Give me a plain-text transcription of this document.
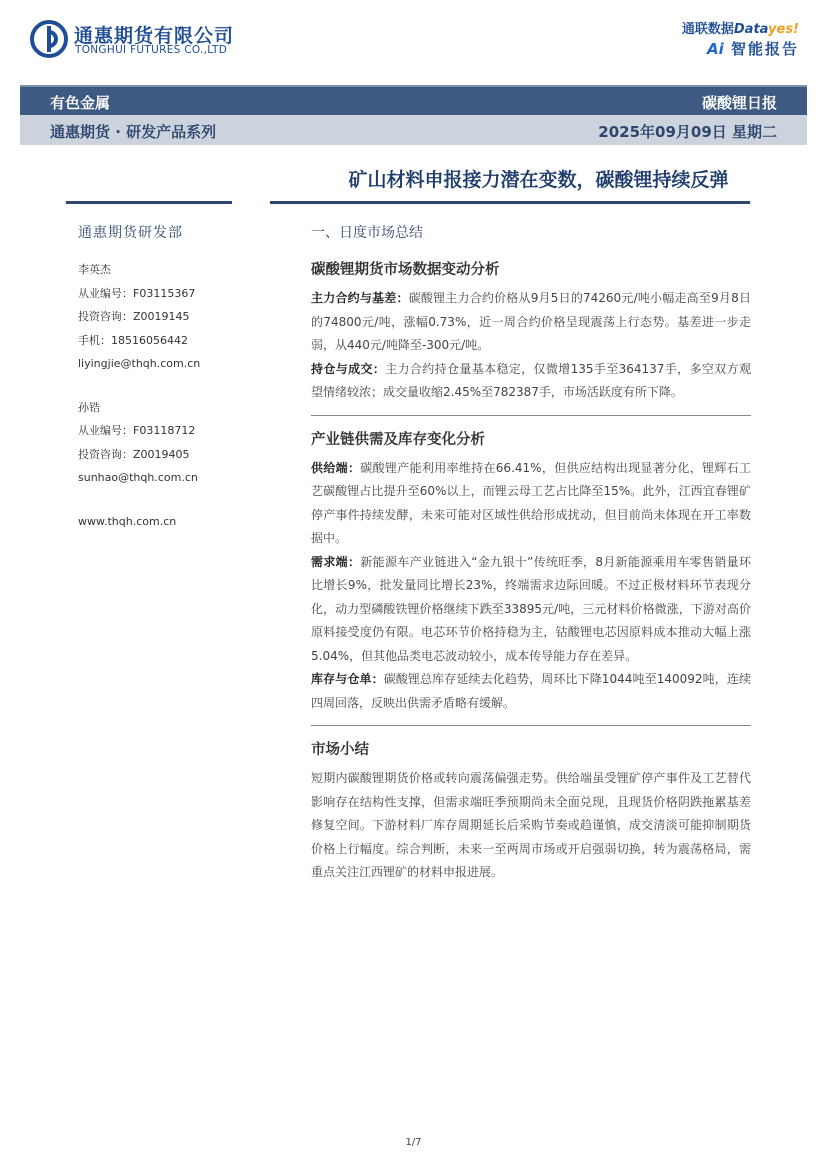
通惠期货有限公司
TONGHUI FUTURES CO.,LTD
通联数据Datayes!
Ai 智能报告
有色金属	碳酸锂日报
通惠期货 · 研发产品系列	2025年09月09日 星期二
矿山材料申报接力潜在变数，碳酸锂持续反弹
通惠期货研发部
李英杰
从业编号：F03115367
投资咨询：Z0019145
手机：18516056442
liyingjie@thqh.com.cn
孙锆
从业编号：F03118712
投资咨询：Z0019405
sunhao@thqh.com.cn
www.thqh.com.cn
一、日度市场总结
碳酸锂期货市场数据变动分析

主力合约与基差：碳酸锂主力合约价格从9月5日的74260元/吨小幅走高至9月8日的74800元/吨，涨幅0.73%，近一周合约价格呈现震荡上行态势。基差进一步走弱，从440元/吨降至-300元/吨。

持仓与成交：主力合约持仓量基本稳定，仅微增135手至364137手，多空双方观望情绪较浓；成交量收缩2.45%至782387手，市场活跃度有所下降。

产业链供需及库存变化分析

供给端：碳酸锂产能利用率维持在66.41%，但供应结构出现显著分化，锂辉石工艺碳酸锂占比提升至60%以上，而锂云母工艺占比降至15%。此外，江西宜春锂矿停产事件持续发酵，未来可能对区域性供给形成扰动，但目前尚未体现在开工率数据中。

需求端：新能源车产业链进入“金九银十”传统旺季，8月新能源乘用车零售销量环比增长9%，批发量同比增长23%，终端需求边际回暖。不过正极材料环节表现分化，动力型磷酸铁锂价格继续下跌至33895元/吨，三元材料价格微涨，下游对高价原料接受度仍有限。电芯环节价格持稳为主，钴酸锂电芯因原料成本推动大幅上涨5.04%，但其他品类电芯波动较小，成本传导能力存在差异。

库存与仓单：碳酸锂总库存延续去化趋势，周环比下降1044吨至140092吨，连续四周回落，反映出供需矛盾略有缓解。

市场小结

短期内碳酸锂期货价格或转向震荡偏强走势。供给端虽受锂矿停产事件及工艺替代影响存在结构性支撑，但需求端旺季预期尚未全面兑现，且现货价格阴跌拖累基差修复空间。下游材料厂库存周期延长后采购节奏或趋谨慎，成交清淡可能抑制期货价格上行幅度。综合判断，未来一至两周市场或开启强弱切换，转为震荡格局，需重点关注江西锂矿的材料申报进展。

1/7
